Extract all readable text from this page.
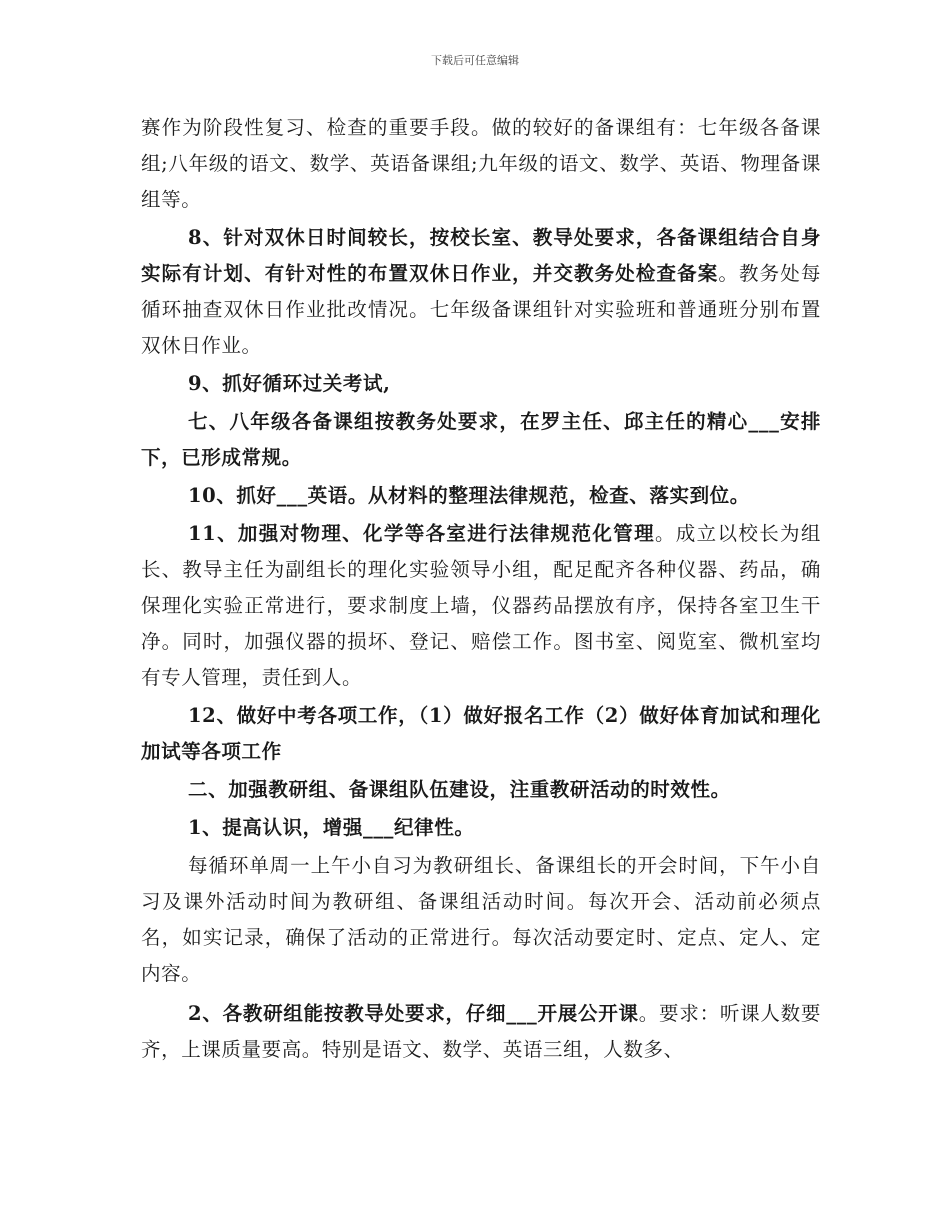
下载后可任意编辑

赛作为阶段性复习、检查的重要手段。做的较好的备课组有：七年级各备课组;八年级的语文、数学、英语备课组;九年级的语文、数学、英语、物理备课组等。

8、针对双休日时间较长，按校长室、教导处要求，各备课组结合自身实际有计划、有针对性的布置双休日作业，并交教务处检查备案。教务处每循环抽查双休日作业批改情况。七年级备课组针对实验班和普通班分别布置双休日作业。

9、抓好循环过关考试,

七、八年级各备课组按教务处要求，在罗主任、邱主任的精心___安排下，已形成常规。

10、抓好___英语。从材料的整理法律规范，检查、落实到位。

11、加强对物理、化学等各室进行法律规范化管理。成立以校长为组长、教导主任为副组长的理化实验领导小组，配足配齐各种仪器、药品，确保理化实验正常进行，要求制度上墙，仪器药品摆放有序，保持各室卫生干净。同时，加强仪器的损坏、登记、赔偿工作。图书室、阅览室、微机室均有专人管理，责任到人。

12、做好中考各项工作，（1）做好报名工作（2）做好体育加试和理化加试等各项工作

二、加强教研组、备课组队伍建设，注重教研活动的时效性。

1、提高认识，增强___纪律性。

每循环单周一上午小自习为教研组长、备课组长的开会时间，下午小自习及课外活动时间为教研组、备课组活动时间。每次开会、活动前必须点名，如实记录，确保了活动的正常进行。每次活动要定时、定点、定人、定内容。

2、各教研组能按教导处要求，仔细___开展公开课。要求：听课人数要齐，上课质量要高。特别是语文、数学、英语三组，人数多、
